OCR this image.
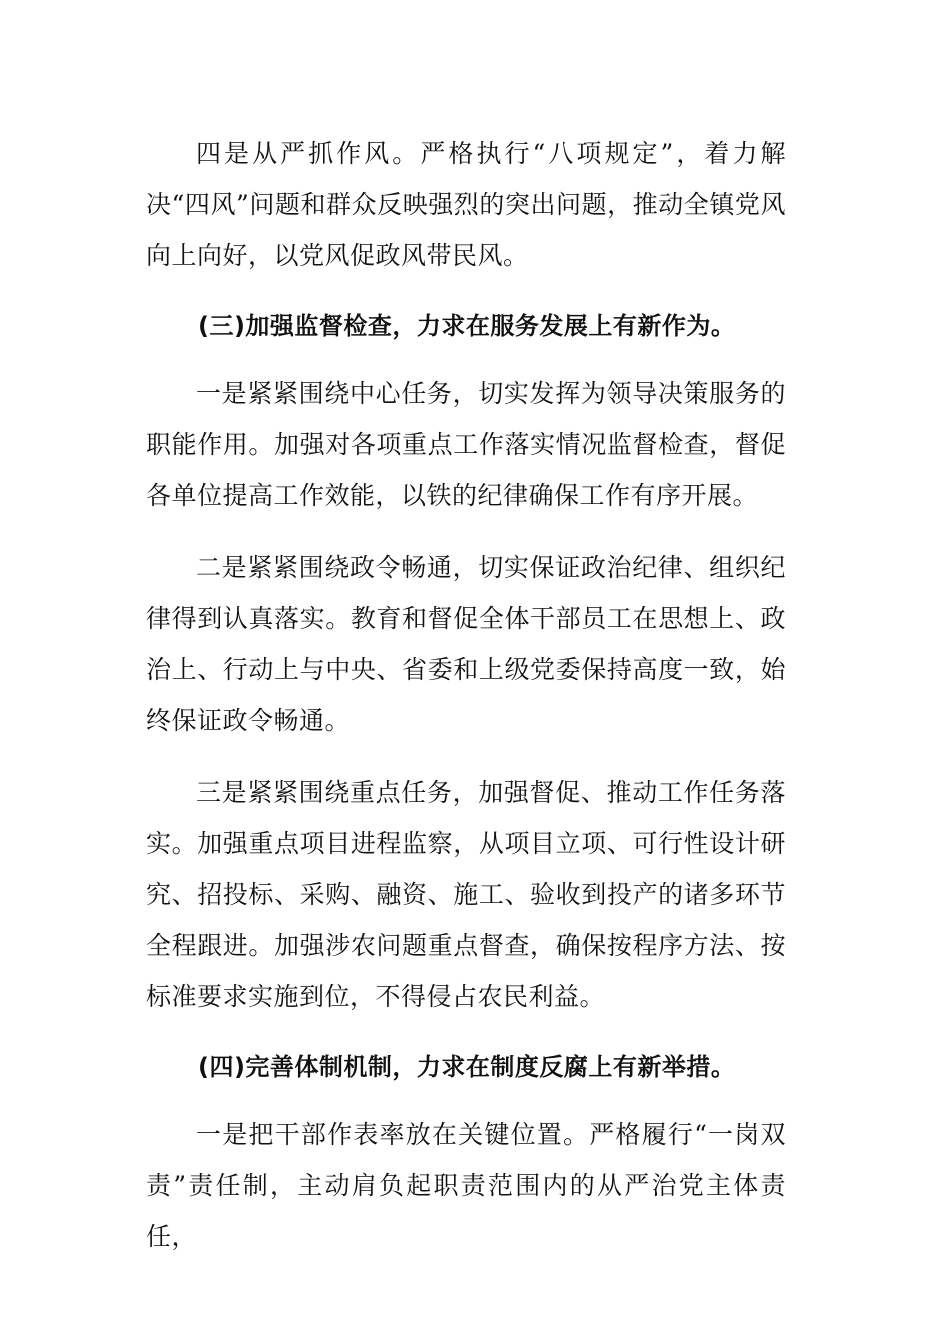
四是从严抓作风。严格执行“八项规定”，着力解决“四风”问题和群众反映强烈的突出问题，推动全镇党风向上向好，以党风促政风带民风。

(三)加强监督检查，力求在服务发展上有新作为。

一是紧紧围绕中心任务，切实发挥为领导决策服务的职能作用。加强对各项重点工作落实情况监督检查，督促各单位提高工作效能，以铁的纪律确保工作有序开展。

二是紧紧围绕政令畅通，切实保证政治纪律、组织纪律得到认真落实。教育和督促全体干部员工在思想上、政治上、行动上与中央、省委和上级党委保持高度一致，始终保证政令畅通。

三是紧紧围绕重点任务，加强督促、推动工作任务落实。加强重点项目进程监察，从项目立项、可行性设计研究、招投标、采购、融资、施工、验收到投产的诸多环节全程跟进。加强涉农问题重点督查，确保按程序方法、按标准要求实施到位，不得侵占农民利益。

(四)完善体制机制，力求在制度反腐上有新举措。

一是把干部作表率放在关键位置。严格履行“一岗双责”责任制，主动肩负起职责范围内的从严治党主体责任，
